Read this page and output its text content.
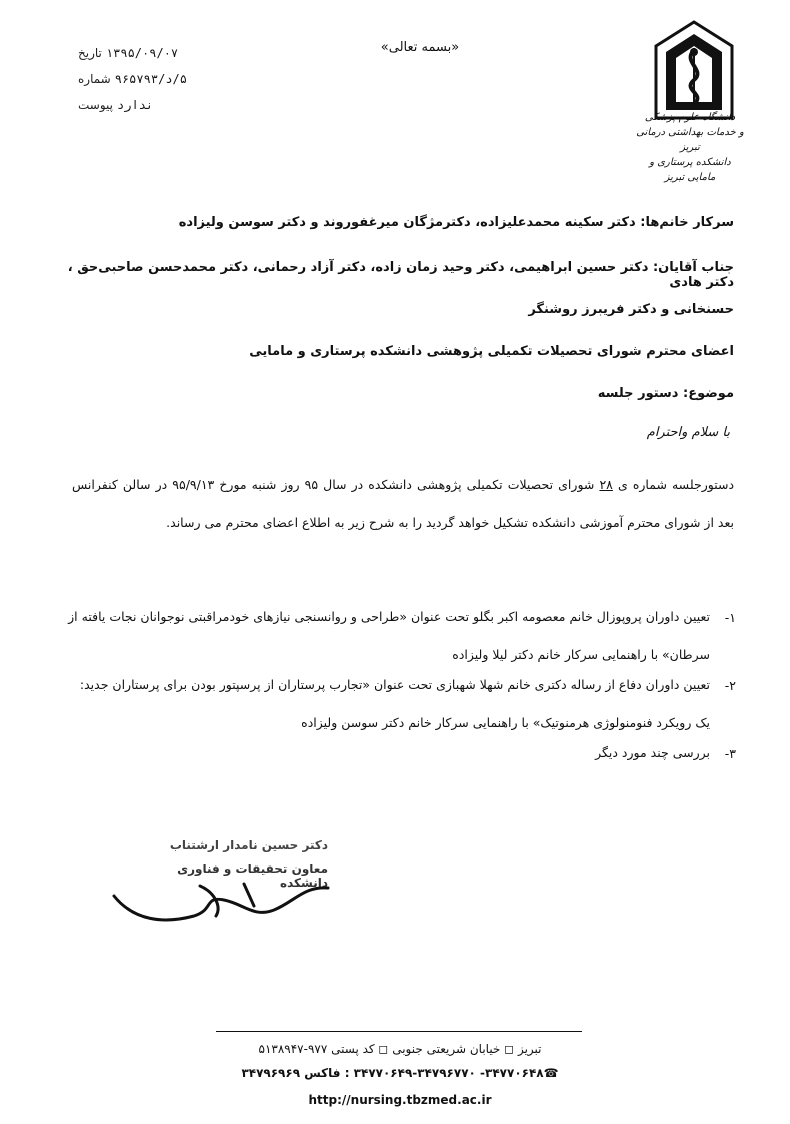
دانشگاه علوم پزشکی
و خدمات بهداشتی درمانی تبریز
دانشکده پرستاری و مامایی تبریز
«بسمه تعالی»
تاریخ ۱۳۹۵/۰۹/۰۷
شماره ۵/د/۹۶۵۷۹۳
پیوست ندارد
سرکار خانم‌ها: دکتر سکینه محمدعلیزاده، دکترمژگان میرغفوروند و دکتر سوسن ولیزاده
جناب آقایان: دکتر حسین ابراهیمی، دکتر وحید زمان زاده، دکتر آزاد رحمانی، دکتر محمدحسن صاحبی‌حق ، دکتر هادی
حسنخانی و دکتر فریبرز روشنگر
اعضای محترم شورای تحصیلات تکمیلی پژوهشی دانشکده پرستاری و مامایی
موضوع: دستور جلسه
با سلام واحترام
دستورجلسه شماره ی ۲۸ شورای تحصیلات تکمیلی پژوهشی دانشکده در سال ۹۵ روز شنبه مورخ ۹۵/۹/۱۳ در سالن کنفرانس بعد از شورای محترم آموزشی دانشکده تشکیل خواهد گردید را به شرح زیر به اطلاع اعضای محترم می رساند.
۱-
تعیین داوران پروپوزال خانم معصومه اکبر بگلو تحت عنوان «طراحی و روانسنجی نیازهای خودمراقبتی نوجوانان نجات یافته از سرطان» با راهنمایی سرکار خانم دکتر لیلا ولیزاده
۲-
تعیین داوران دفاع از رساله دکتری خانم شهلا شهبازی تحت عنوان «تجارب پرستاران از پرسپتور بودن برای پرستاران جدید: یک رویکرد فنومنولوژی هرمنوتیک» با راهنمایی سرکار خانم دکتر سوسن ولیزاده
۳-
بررسی چند مورد دیگر
دکتر حسین نامدار ارشتناب
معاون تحقیقات و فناوری دانشکده
تبریز ◻ خیابان شریعتی جنوبی ◻ کد پستی ۹۷۷-۵۱۳۸۹۴۷
☎۳۴۷۷۰۶۴۸- ۳۴۷۷۰۶۴۹-۳۴۷۹۶۷۷۰ : فاکس ۳۴۷۹۶۹۶۹
http://nursing.tbzmed.ac.ir
